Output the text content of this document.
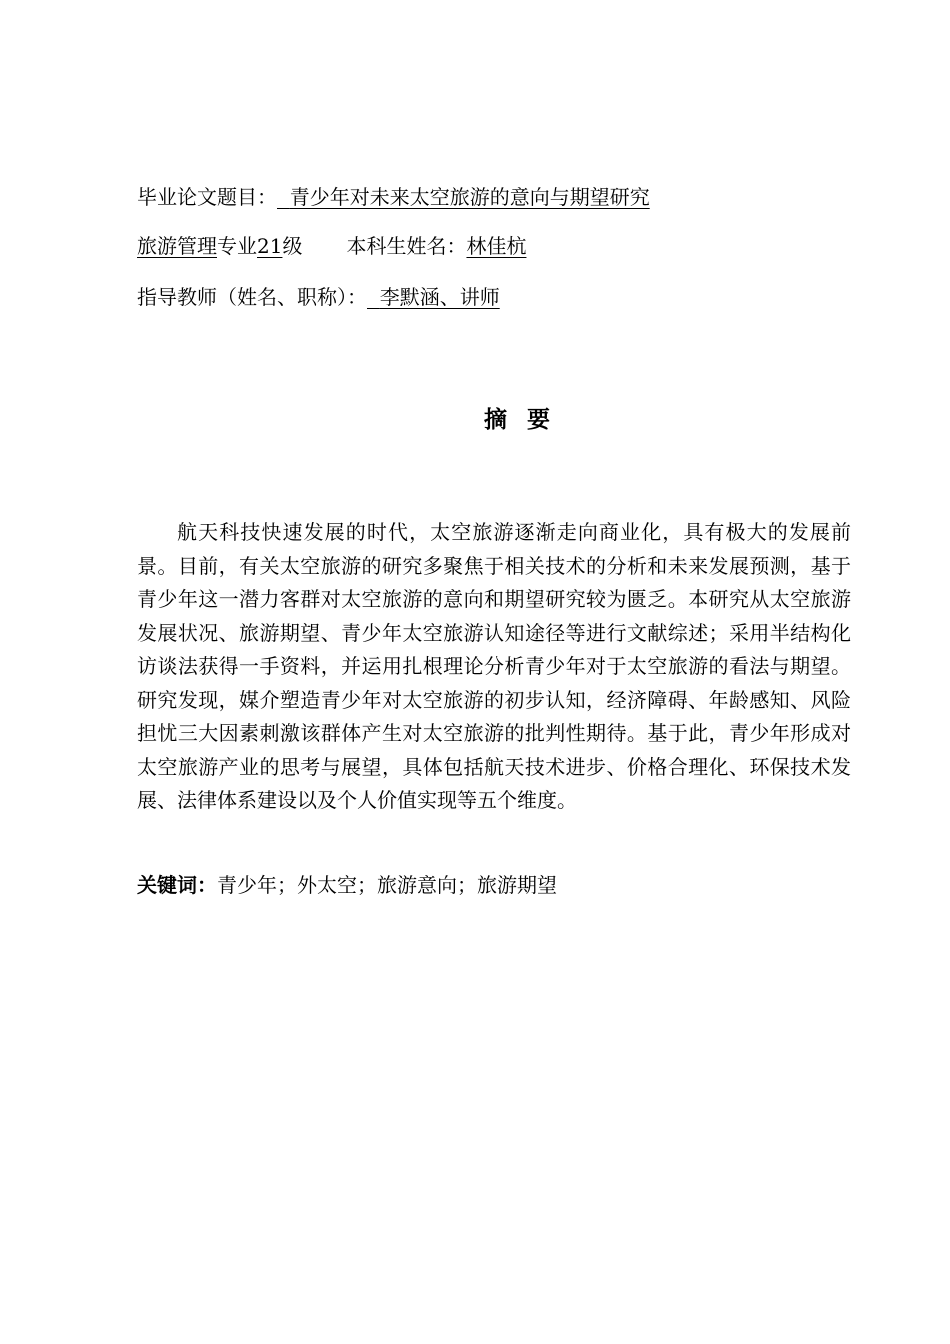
毕业论文题目： 青少年对未来太空旅游的意向与期望研究
旅游管理专业21级 本科生姓名：林佳杭
指导教师（姓名、职称）： 李默涵、讲师
摘 要

航天科技快速发展的时代，太空旅游逐渐走向商业化，具有极大的发展前景。目前，有关太空旅游的研究多聚焦于相关技术的分析和未来发展预测，基于青少年这一潜力客群对太空旅游的意向和期望研究较为匮乏。本研究从太空旅游发展状况、旅游期望、青少年太空旅游认知途径等进行文献综述；采用半结构化访谈法获得一手资料，并运用扎根理论分析青少年对于太空旅游的看法与期望。研究发现，媒介塑造青少年对太空旅游的初步认知，经济障碍、年龄感知、风险担忧三大因素刺激该群体产生对太空旅游的批判性期待。基于此，青少年形成对太空旅游产业的思考与展望，具体包括航天技术进步、价格合理化、环保技术发展、法律体系建设以及个人价值实现等五个维度。

关键词：青少年；外太空；旅游意向；旅游期望
